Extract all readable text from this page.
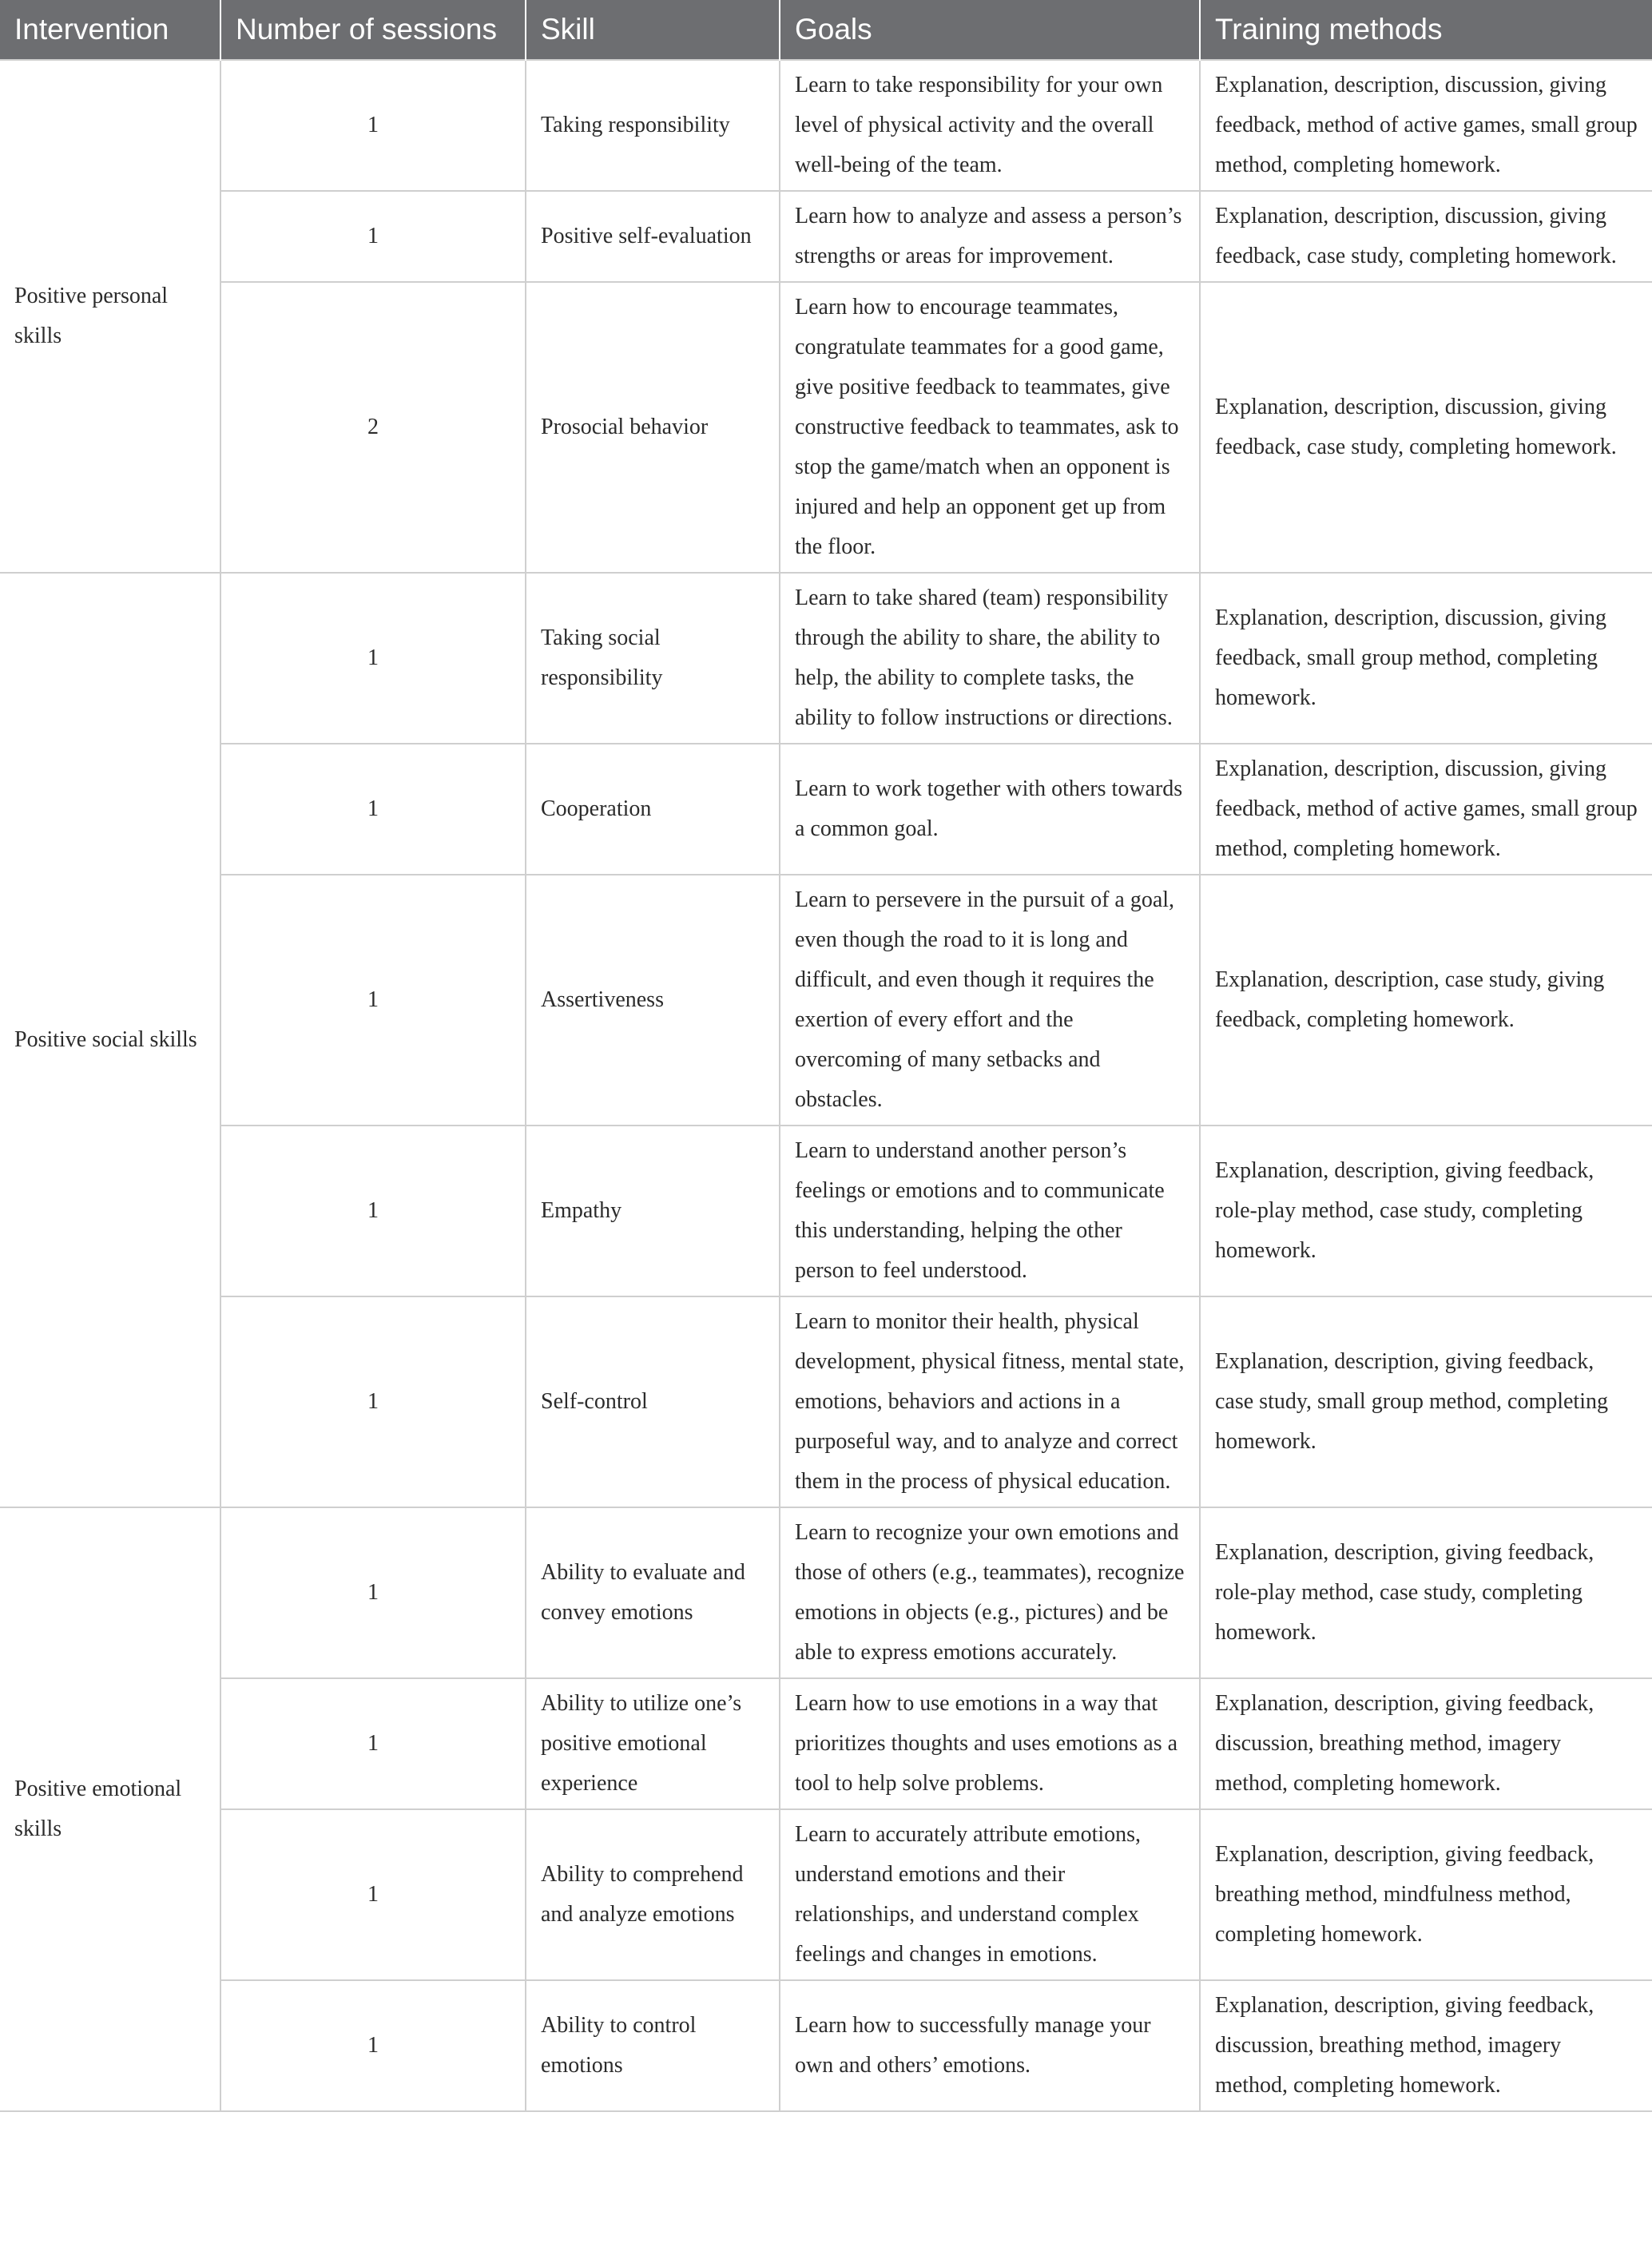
Intervention	Number of sessions	Skill	Goals	Training methods
Positive personal skills	1	Taking responsibility	Learn to take responsibility for your own level of physical activity and the overall well-being of the team.	Explanation, description, discussion, giving feedback, method of active games, small group method, completing homework.
	1	Positive self-evaluation	Learn how to analyze and assess a person’s strengths or areas for improvement.	Explanation, description, discussion, giving feedback, case study, completing homework.
	2	Prosocial behavior	Learn how to encourage teammates, congratulate teammates for a good game, give positive feedback to teammates, give constructive feedback to teammates, ask to stop the game/match when an opponent is injured and help an opponent get up from the floor.	Explanation, description, discussion, giving feedback, case study, completing homework.
Positive social skills	1	Taking social responsibility	Learn to take shared (team) responsibility through the ability to share, the ability to help, the ability to complete tasks, the ability to follow instructions or directions.	Explanation, description, discussion, giving feedback, small group method, completing homework.
	1	Cooperation	Learn to work together with others towards a common goal.	Explanation, description, discussion, giving feedback, method of active games, small group method, completing homework.
	1	Assertiveness	Learn to persevere in the pursuit of a goal, even though the road to it is long and difficult, and even though it requires the exertion of every effort and the overcoming of many setbacks and obstacles.	Explanation, description, case study, giving feedback, completing homework.
	1	Empathy	Learn to understand another person’s feelings or emotions and to communicate this understanding, helping the other person to feel understood.	Explanation, description, giving feedback, role-play method, case study, completing homework.
	1	Self-control	Learn to monitor their health, physical development, physical fitness, mental state, emotions, behaviors and actions in a purposeful way, and to analyze and correct them in the process of physical education.	Explanation, description, giving feedback, case study, small group method, completing homework.
Positive emotional skills	1	Ability to evaluate and convey emotions	Learn to recognize your own emotions and those of others (e.g., teammates), recognize emotions in objects (e.g., pictures) and be able to express emotions accurately.	Explanation, description, giving feedback, role-play method, case study, completing homework.
	1	Ability to utilize one’s positive emotional experience	Learn how to use emotions in a way that prioritizes thoughts and uses emotions as a tool to help solve problems.	Explanation, description, giving feedback, discussion, breathing method, imagery method, completing homework.
	1	Ability to comprehend and analyze emotions	Learn to accurately attribute emotions, understand emotions and their relationships, and understand complex feelings and changes in emotions.	Explanation, description, giving feedback, breathing method, mindfulness method, completing homework.
	1	Ability to control emotions	Learn how to successfully manage your own and others’ emotions.	Explanation, description, giving feedback, discussion, breathing method, imagery method, completing homework.
